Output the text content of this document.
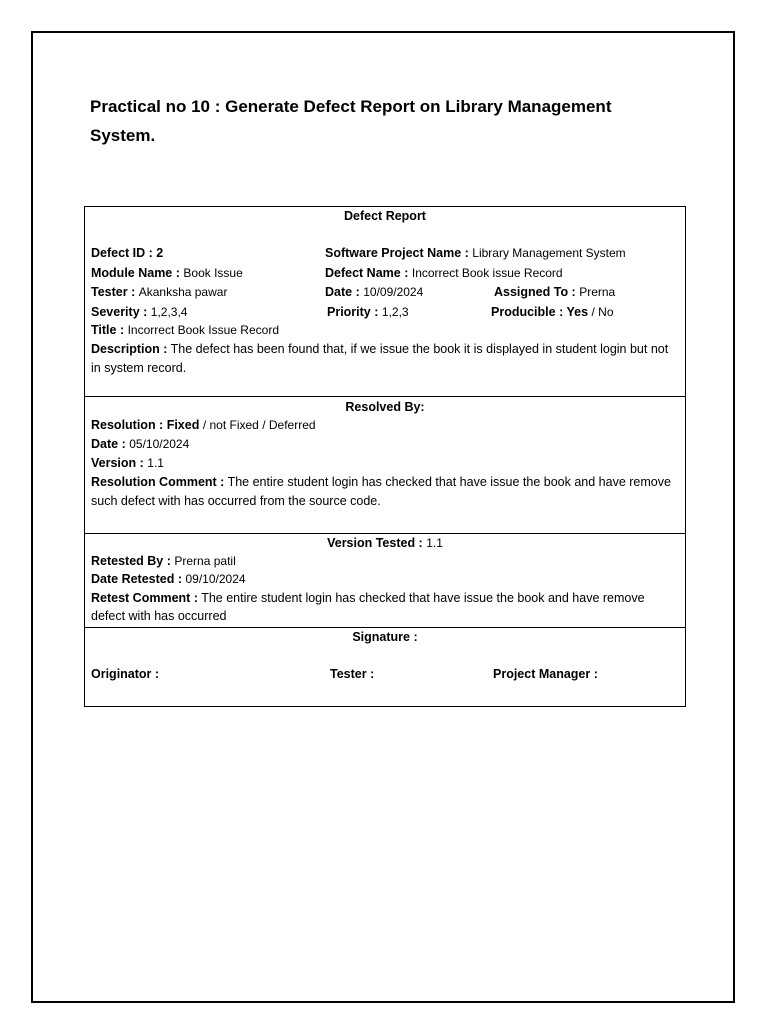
Practical no 10 : Generate Defect Report on Library Management System.
Defect Report
Defect ID : 2	Software Project Name : Library Management System
Module Name : Book Issue	Defect Name : Incorrect Book issue Record
Tester : Akanksha pawar	Date : 10/09/2024	Assigned To : Prerna
Severity : 1,2,3,4	Priority : 1,2,3	Producible : Yes / No
Title : Incorrect Book Issue Record
Description : The defect has been found that, if we issue the book it is displayed in student login but not in system record.
Resolved By:
Resolution : Fixed / not Fixed / Deferred
Date : 05/10/2024
Version : 1.1
Resolution Comment : The entire student login has checked that have issue the book and have remove such defect with has occurred from the source code.
Version Tested : 1.1
Retested By : Prerna patil
Date Retested : 09/10/2024
Retest Comment : The entire student login has checked that have issue the book and have remove defect with has occurred
Signature :
Originator :	Tester :	Project Manager :
